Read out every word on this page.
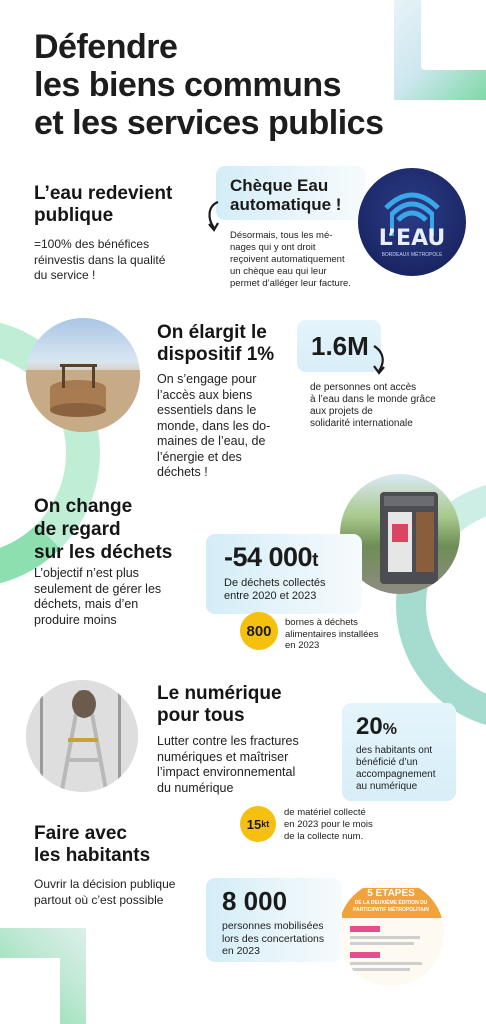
Défendre
les biens communs
et les services publics
L’eau redevient
publique
=100% des bénéfices
réinvestis dans la qualité
du service !
Chèque Eau
automatique !
Désormais, tous les mé-
nages qui y ont droit
reçoivent automatiquement
un chèque eau qui leur
permet d’alléger leur facture.
L’EAU
BORDEAUX MÉTROPOLE
On élargit le
dispositif 1%
On s’engage pour
l’accès aux biens
essentiels dans le
monde, dans les do-
maines de l’eau, de
l’énergie et des
déchets !
1.6M
de personnes ont accès
à l’eau dans le monde grâce
aux projets de
solidarité internationale
On change
de regard
sur les déchets
L’objectif n’est plus
seulement de gérer les
déchets, mais d’en
produire moins
-54 000t
De déchets collectés
entre 2020 et 2023
800 bornes à déchets
alimentaires installées
en 2023
Le numérique
pour tous
Lutter contre les fractures
numériques et maîtriser
l’impact environnemental
du numérique
20%
des habitants ont
bénéficié d’un
accompagnement
au numérique
15 kt
de matériel collecté
en 2023 pour le mois
de la collecte num.
Faire avec
les habitants
Ouvrir la décision publique
partout où c’est possible	5 ÉTAPES
DE LA DEUXIÈME ÉDITION DU
PARTICIPATIF MÉTROPOLITAIN
8 000
personnes mobilisées
lors des concertations
en 2023
